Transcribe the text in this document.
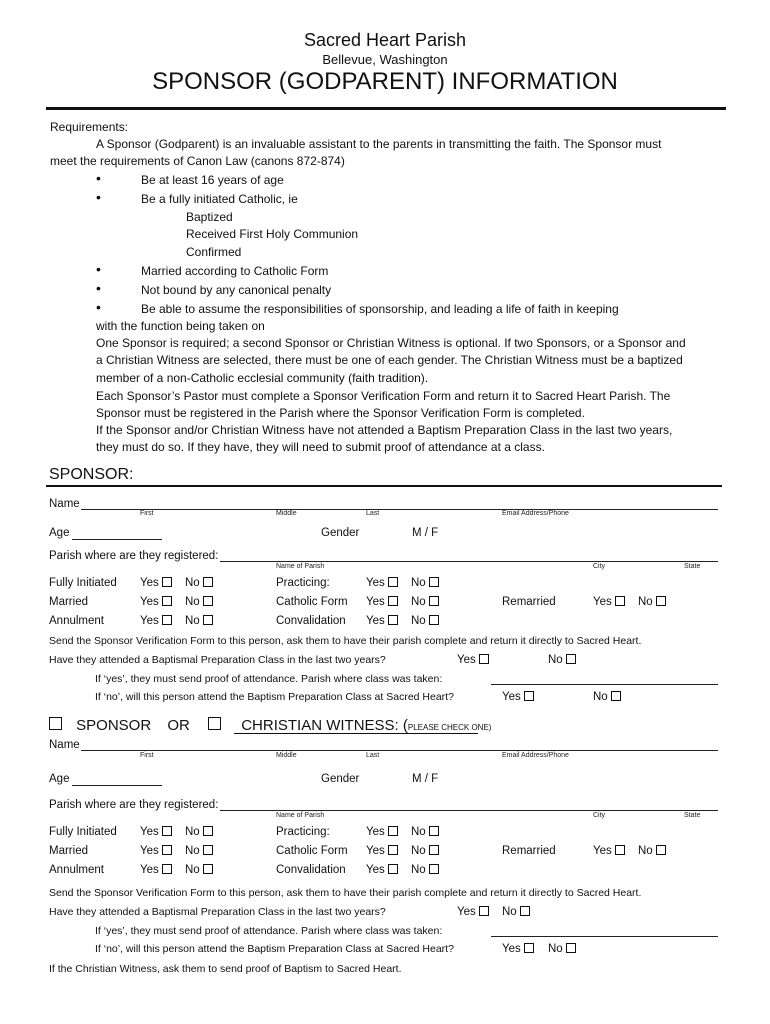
Sacred Heart Parish
Bellevue, Washington
SPONSOR (GODPARENT) INFORMATION
Requirements:
A Sponsor (Godparent) is an invaluable assistant to the parents in transmitting the faith. The Sponsor must
meet the requirements of Canon Law (canons 872-874)
•	Be at least 16 years of age
•	Be a fully initiated Catholic, ie
Baptized
Received First Holy Communion
Confirmed
•	Married according to Catholic Form
•	Not bound by any canonical penalty
•	Be able to assume the responsibilities of sponsorship, and leading a life of faith in keeping
with the function being taken on
One Sponsor is required; a second Sponsor or Christian Witness is optional. If two Sponsors, or a Sponsor and
a Christian Witness are selected, there must be one of each gender. The Christian Witness must be a baptized
member of a non-Catholic ecclesial community (faith tradition).
Each Sponsor’s Pastor must complete a Sponsor Verification Form and return it to Sacred Heart Parish. The
Sponsor must be registered in the Parish where the Sponsor Verification Form is completed.
If the Sponsor and/or Christian Witness have not attended a Baptism Preparation Class in the last two years,
they must do so. If they have, they will need to submit proof of attendance at a class.
SPONSOR:
Name
First	Middle	Last	Email Address/Phone
Age	Gender	M / F
Parish where are they registered:
Name of Parish	City	State
Fully Initiated Yes	No	Practicing:	Yes	No
Married	Yes	No	Catholic Form Yes	No	Remarried	Yes	No
Annulment	Yes	No	Convalidation Yes	No
Send the Sponsor Verification Form to this person, ask them to have their parish complete and return it directly to Sacred Heart.
Have they attended a Baptismal Preparation Class in the last two years?	Yes	No
If ‘yes’, they must send proof of attendance. Parish where class was taken:
If ‘no’, will this person attend the Baptism Preparation Class at Sacred Heart?	Yes	No
SPONSOR OR	CHRISTIAN WITNESS: (PLEASE CHECK ONE)
Name
First	Middle	Last	Email Address/Phone
Age	Gender	M / F
Parish where are they registered:
Name of Parish	City	State
Fully Initiated Yes	No	Practicing:	Yes	No
Married	Yes	No	Catholic Form Yes	No	Remarried	Yes	No
Annulment	Yes	No	Convalidation Yes	No
Send the Sponsor Verification Form to this person, ask them to have their parish complete and return it directly to Sacred Heart.
Have they attended a Baptismal Preparation Class in the last two years?	Yes	No
If ‘yes’, they must send proof of attendance. Parish where class was taken:
If ‘no’, will this person attend the Baptism Preparation Class at Sacred Heart?	Yes	No
If the Christian Witness, ask them to send proof of Baptism to Sacred Heart.
